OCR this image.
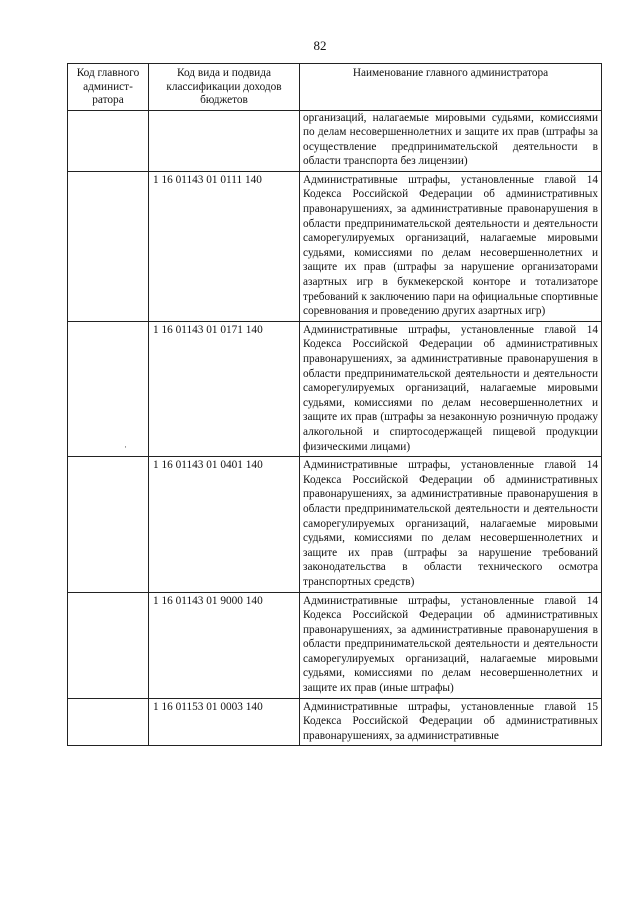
82
·
Код главного админист-ратора	Код вида и подвида классификации доходов бюджетов	Наименование главного администратора
		организаций, налагаемые мировыми судьями, комиссиями по делам несовершеннолетних и защите их прав (штрафы за осуществление предпринимательской деятельности в области транспорта без лицензии)
	1 16 01143 01 0111 140	Административные штрафы, установленные главой 14 Кодекса Российской Федерации об административных правонарушениях, за административные правонарушения в области предпринимательской деятельности и деятельности саморегулируемых организаций, налагаемые мировыми судьями, комиссиями по делам несовершеннолетних и защите их прав (штрафы за нарушение организаторами азартных игр в букмекерской конторе и тотализаторе требований к заключению пари на официальные спортивные соревнования и проведению других азартных игр)
	1 16 01143 01 0171 140	Административные штрафы, установленные главой 14 Кодекса Российской Федерации об административных правонарушениях, за административные правонарушения в области предпринимательской деятельности и деятельности саморегулируемых организаций, налагаемые мировыми судьями, комиссиями по делам несовершеннолетних и защите их прав (штрафы за незаконную розничную продажу алкогольной и спиртосодержащей пищевой продукции физическими лицами)
	1 16 01143 01 0401 140	Административные штрафы, установленные главой 14 Кодекса Российской Федерации об административных правонарушениях, за административные правонарушения в области предпринимательской деятельности и деятельности саморегулируемых организаций, налагаемые мировыми судьями, комиссиями по делам несовершеннолетних и защите их прав (штрафы за нарушение требований законодательства в области технического осмотра транспортных средств)
	1 16 01143 01 9000 140	Административные штрафы, установленные главой 14 Кодекса Российской Федерации об административных правонарушениях, за административные правонарушения в области предпринимательской деятельности и деятельности саморегулируемых организаций, налагаемые мировыми судьями, комиссиями по делам несовершеннолетних и защите их прав (иные штрафы)
	1 16 01153 01 0003 140	Административные штрафы, установленные главой 15 Кодекса Российской Федерации об административных правонарушениях, за административные
